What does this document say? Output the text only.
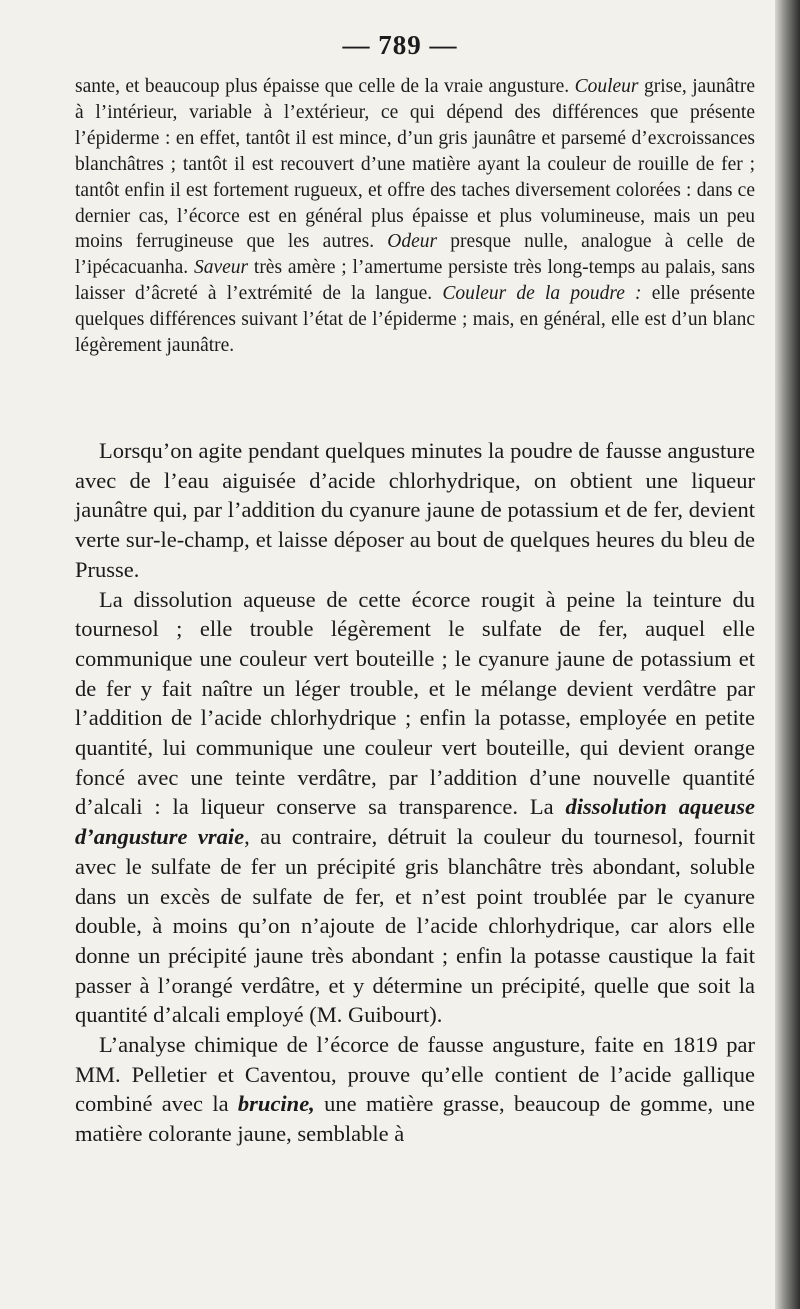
— 789 —

sante, et beaucoup plus épaisse que celle de la vraie angusture. Couleur grise, jaunâtre à l’intérieur, variable à l’extérieur, ce qui dépend des différences que présente l’épiderme : en effet, tantôt il est mince, d’un gris jaunâtre et parsemé d’excroissances blanchâtres ; tantôt il est recouvert d’une matière ayant la couleur de rouille de fer ; tantôt enfin il est fortement rugueux, et offre des taches diversement colorées : dans ce dernier cas, l’écorce est en général plus épaisse et plus volumineuse, mais un peu moins ferrugineuse que les autres. Odeur presque nulle, analogue à celle de l’ipécacuanha. Saveur très amère ; l’amertume persiste très long-temps au palais, sans laisser d’âcreté à l’extrémité de la langue. Couleur de la poudre : elle présente quelques différences suivant l’état de l’épiderme ; mais, en général, elle est d’un blanc légèrement jaunâtre.

Lorsqu’on agite pendant quelques minutes la poudre de fausse angusture avec de l’eau aiguisée d’acide chlorhydrique, on obtient une liqueur jaunâtre qui, par l’addition du cyanure jaune de potassium et de fer, devient verte sur-le-champ, et laisse déposer au bout de quelques heures du bleu de Prusse.

La dissolution aqueuse de cette écorce rougit à peine la teinture du tournesol ; elle trouble légèrement le sulfate de fer, auquel elle communique une couleur vert bouteille ; le cyanure jaune de potassium et de fer y fait naître un léger trouble, et le mélange devient verdâtre par l’addition de l’acide chlorhydrique ; enfin la potasse, employée en petite quantité, lui communique une couleur vert bouteille, qui devient orange foncé avec une teinte verdâtre, par l’addition d’une nouvelle quantité d’alcali : la liqueur conserve sa transparence. La dissolution aqueuse d’angusture vraie, au contraire, détruit la couleur du tournesol, fournit avec le sulfate de fer un précipité gris blanchâtre très abondant, soluble dans un excès de sulfate de fer, et n’est point troublée par le cyanure double, à moins qu’on n’ajoute de l’acide chlorhydrique, car alors elle donne un précipité jaune très abondant ; enfin la potasse caustique la fait passer à l’orangé verdâtre, et y détermine un précipité, quelle que soit la quantité d’alcali employé (M. Guibourt).

L’analyse chimique de l’écorce de fausse angusture, faite en 1819 par MM. Pelletier et Caventou, prouve qu’elle contient de l’acide gallique combiné avec la brucine, une matière grasse, beaucoup de gomme, une matière colorante jaune, semblable à
